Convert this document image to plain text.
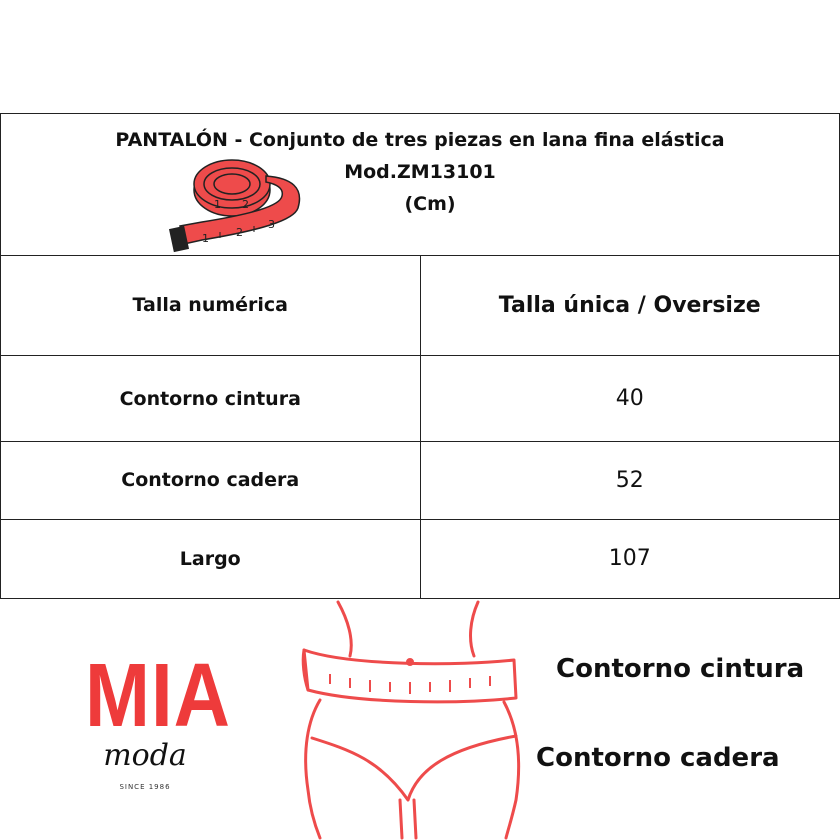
PANTALÓN - Conjunto de tres piezas en lana fina elástica
Mod.ZM13101
(Cm)	

Talla numérica	Talla única / Oversize
Contorno cintura	40
Contorno cadera	52
Largo	107
1 2
1 2
3
MIA
moda
SINCE 1986
Contorno cintura
Contorno cadera
